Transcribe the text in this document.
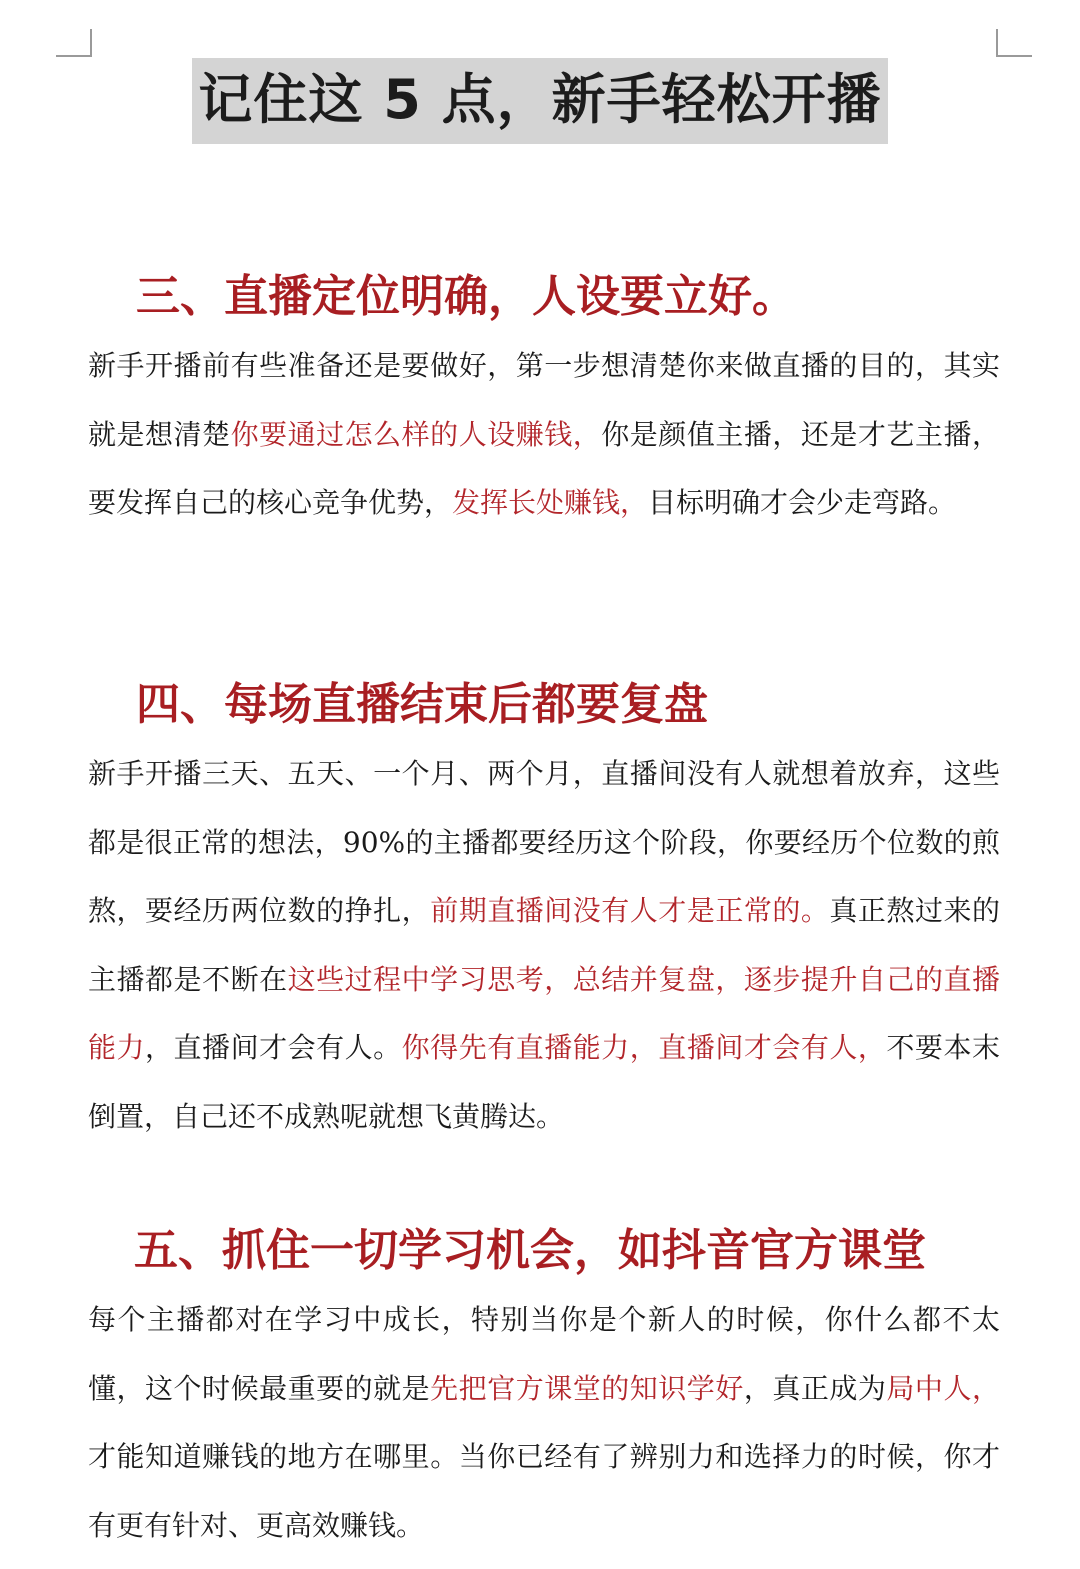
记住这 5 点，新手轻松开播
三、直播定位明确，人设要立好。

新手开播前有些准备还是要做好，第一步想清楚你来做直播的目的，其实就是想清楚你要通过怎么样的人设赚钱，你是颜值主播，还是才艺主播，要发挥自己的核心竞争优势，发挥长处赚钱，目标明确才会少走弯路。

四、每场直播结束后都要复盘

新手开播三天、五天、一个月、两个月，直播间没有人就想着放弃，这些都是很正常的想法，90%的主播都要经历这个阶段，你要经历个位数的煎熬，要经历两位数的挣扎，前期直播间没有人才是正常的。真正熬过来的主播都是不断在这些过程中学习思考，总结并复盘，逐步提升自己的直播能力，直播间才会有人。你得先有直播能力，直播间才会有人，不要本末倒置，自己还不成熟呢就想飞黄腾达。

五、抓住一切学习机会，如抖音官方课堂

每个主播都对在学习中成长，特别当你是个新人的时候，你什么都不太懂，这个时候最重要的就是先把官方课堂的知识学好，真正成为局中人，才能知道赚钱的地方在哪里。当你已经有了辨别力和选择力的时候，你才有更有针对、更高效赚钱。
